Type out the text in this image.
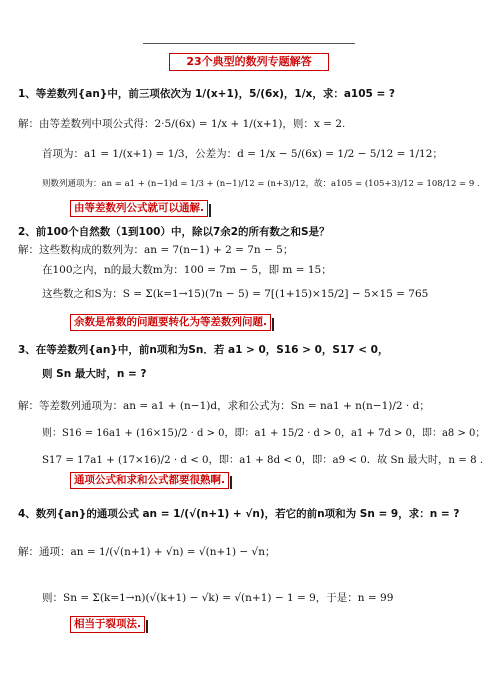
23个典型的数列专题解答
1、等差数列{an}中，前三项依次为 1/(x+1)，5/(6x)，1/x，求：a105 = ?
解：由等差数列中项公式得：2·5/(6x) = 1/x + 1/(x+1)，则：x = 2.
首项为：a1 = 1/(x+1) = 1/3，公差为：d = 1/x − 5/(6x) = 1/2 − 5/12 = 1/12；
则数列通项为：an = a1 + (n−1)d = 1/3 + (n−1)/12 = (n+3)/12，故：a105 = (105+3)/12 = 108/12 = 9 .
由等差数列公式就可以通解.
2、前100个自然数（1到100）中，除以7余2的所有数之和S是？
解：这些数构成的数列为：an = 7(n−1) + 2 = 7n − 5；
在100之内，n的最大数m为：100 = 7m − 5，即 m = 15；
这些数之和S为：S = Σ(k=1→15)(7n − 5) = 7[(1+15)×15/2] − 5×15 = 765
余数是常数的问题要转化为等差数列问题.
3、在等差数列{an}中，前n项和为Sn．若 a1 > 0，S16 > 0，S17 < 0，
则 Sn 最大时，n = ?
解：等差数列通项为：an = a1 + (n−1)d，求和公式为：Sn = na1 + n(n−1)/2 · d；
则：S16 = 16a1 + (16×15)/2 · d > 0，即：a1 + 15/2 · d > 0，a1 + 7d > 0，即：a8 > 0；
S17 = 17a1 + (17×16)/2 · d < 0，即：a1 + 8d < 0，即：a9 < 0．故 Sn 最大时，n = 8 .
通项公式和求和公式都要很熟啊.
4、数列{an}的通项公式 an = 1/(√(n+1) + √n)，若它的前n项和为 Sn = 9，求：n = ?
解：通项：an = 1/(√(n+1) + √n) = √(n+1) − √n；
则：Sn = Σ(k=1→n)(√(k+1) − √k) = √(n+1) − 1 = 9，于是：n = 99
相当于裂项法.
